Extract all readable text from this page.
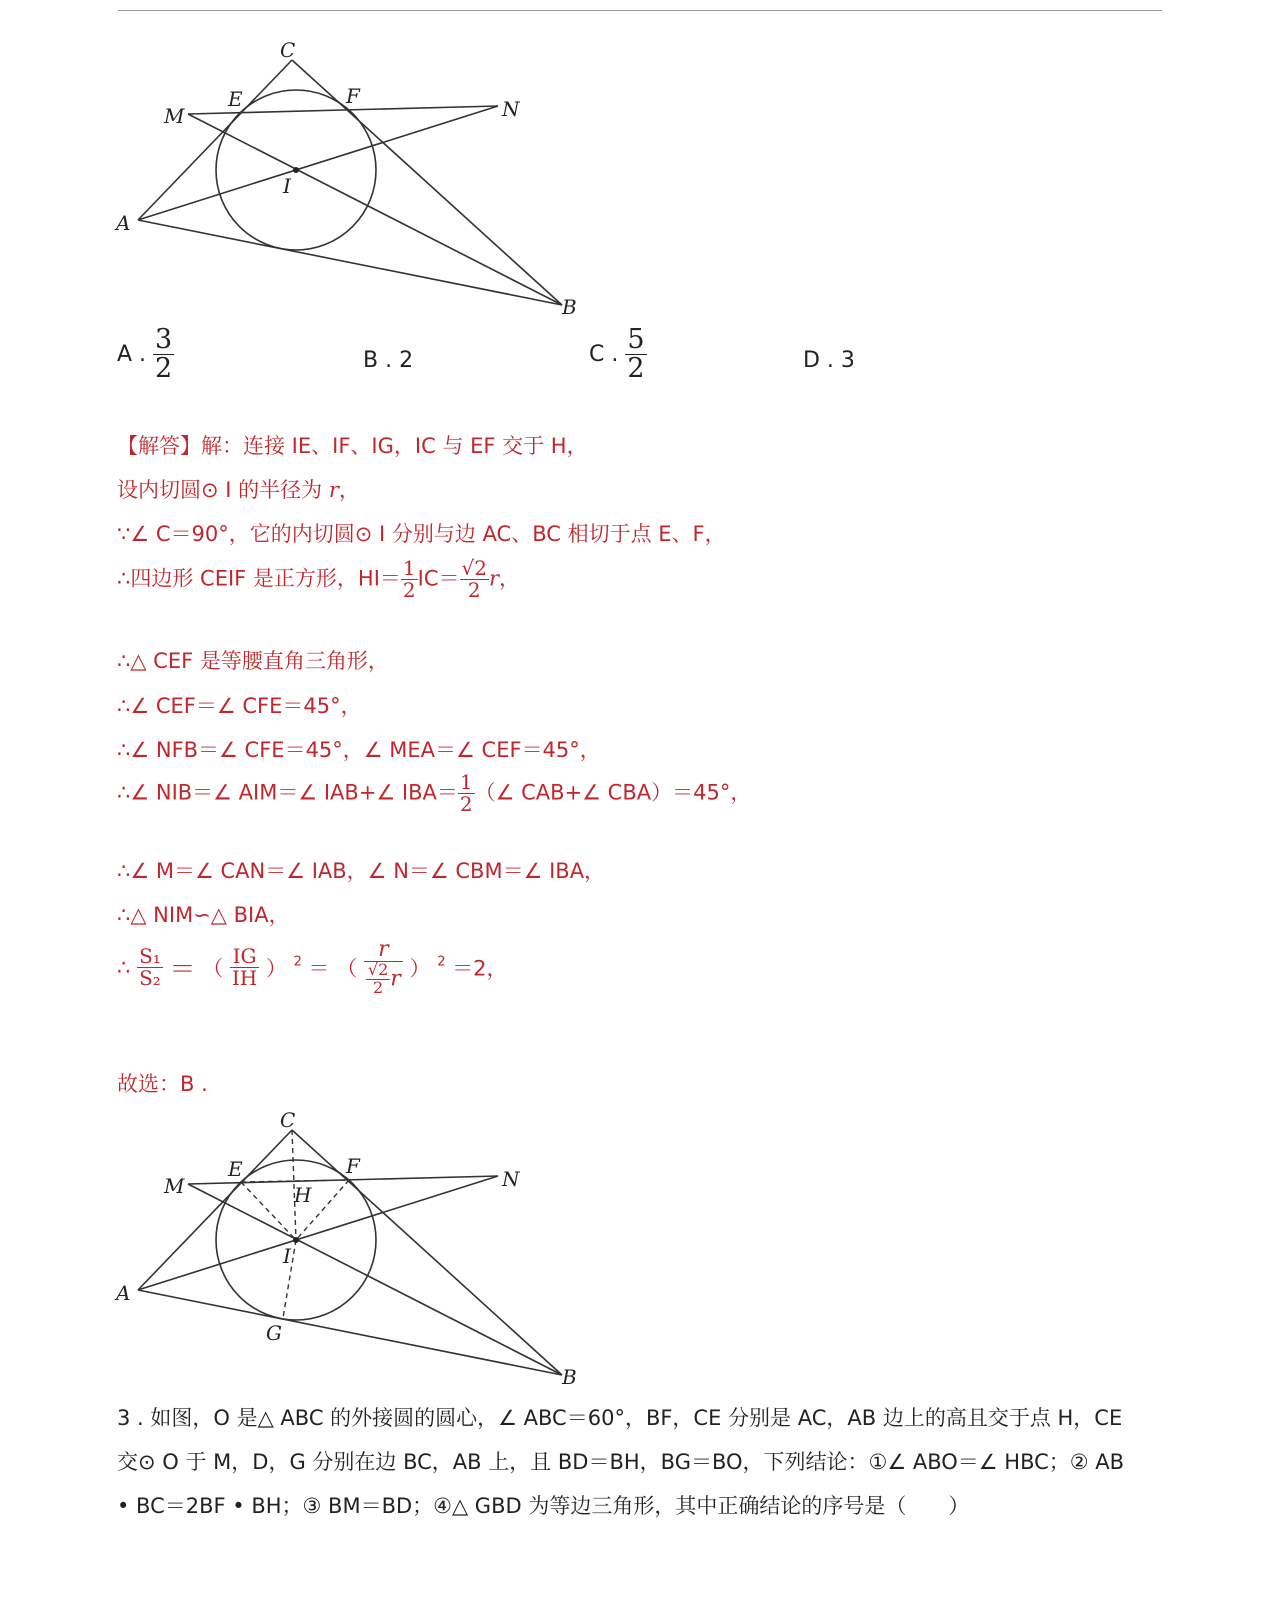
C
E	F
M	N
I
A
B
A . $\frac{3}{2}$	B . 2	C . $\frac{5}{2}$	D . 3
【解答】解：连接 IE、IF、IG，IC 与 EF 交于 H，
设内切圆⊙ I 的半径为 r，
∵∠ C＝90°，它的内切圆⊙ I 分别与边 AC、BC 相切于点 E、F，
∴四边形 CEIF 是正方形，$HI= \frac{1}{2} IC= \frac{√2}{2}$ r，
∴△ CEF 是等腰直角三角形，
∴∠ CEF＝∠ CFE＝45°，
∴∠ NFB＝∠ CFE＝45°，∠ MEA＝∠ CEF＝45°，
∴∠ NIB＝∠ AIM＝∠ IAB+∠ $IBA= \frac{1}{2}$ （∠ CAB+∠ CBA）＝45°，
∴∠ M＝∠ CAN＝∠ IAB，∠ N＝∠ CBM＝∠ IBA，
∴△ NIM∽△ BIA，
∴ $\frac{\text{S₁}}{\text{S₂}}$ ＝ （ $\frac{IG}{IH}$ ） $^2$ ＝ （ $\frac{r}{\frac{√2}{2} r}$ ） $^2$ ＝2，
故选：B .
C
E	F
M	N
H
I
A
G
B
3 . 如图，O 是△ ABC 的外接圆的圆心，∠ ABC＝60°，BF，CE 分别是 AC，AB 边上的高且交于点 H，CE
交⊙ O 于 M，D，G 分别在边 BC，AB 上，且 BD＝BH，BG＝BO，下列结论：①∠ ABO＝∠ HBC；② AB
• BC＝2BF • BH；③ BM＝BD；④△ GBD 为等边三角形，其中正确结论的序号是（　　）
